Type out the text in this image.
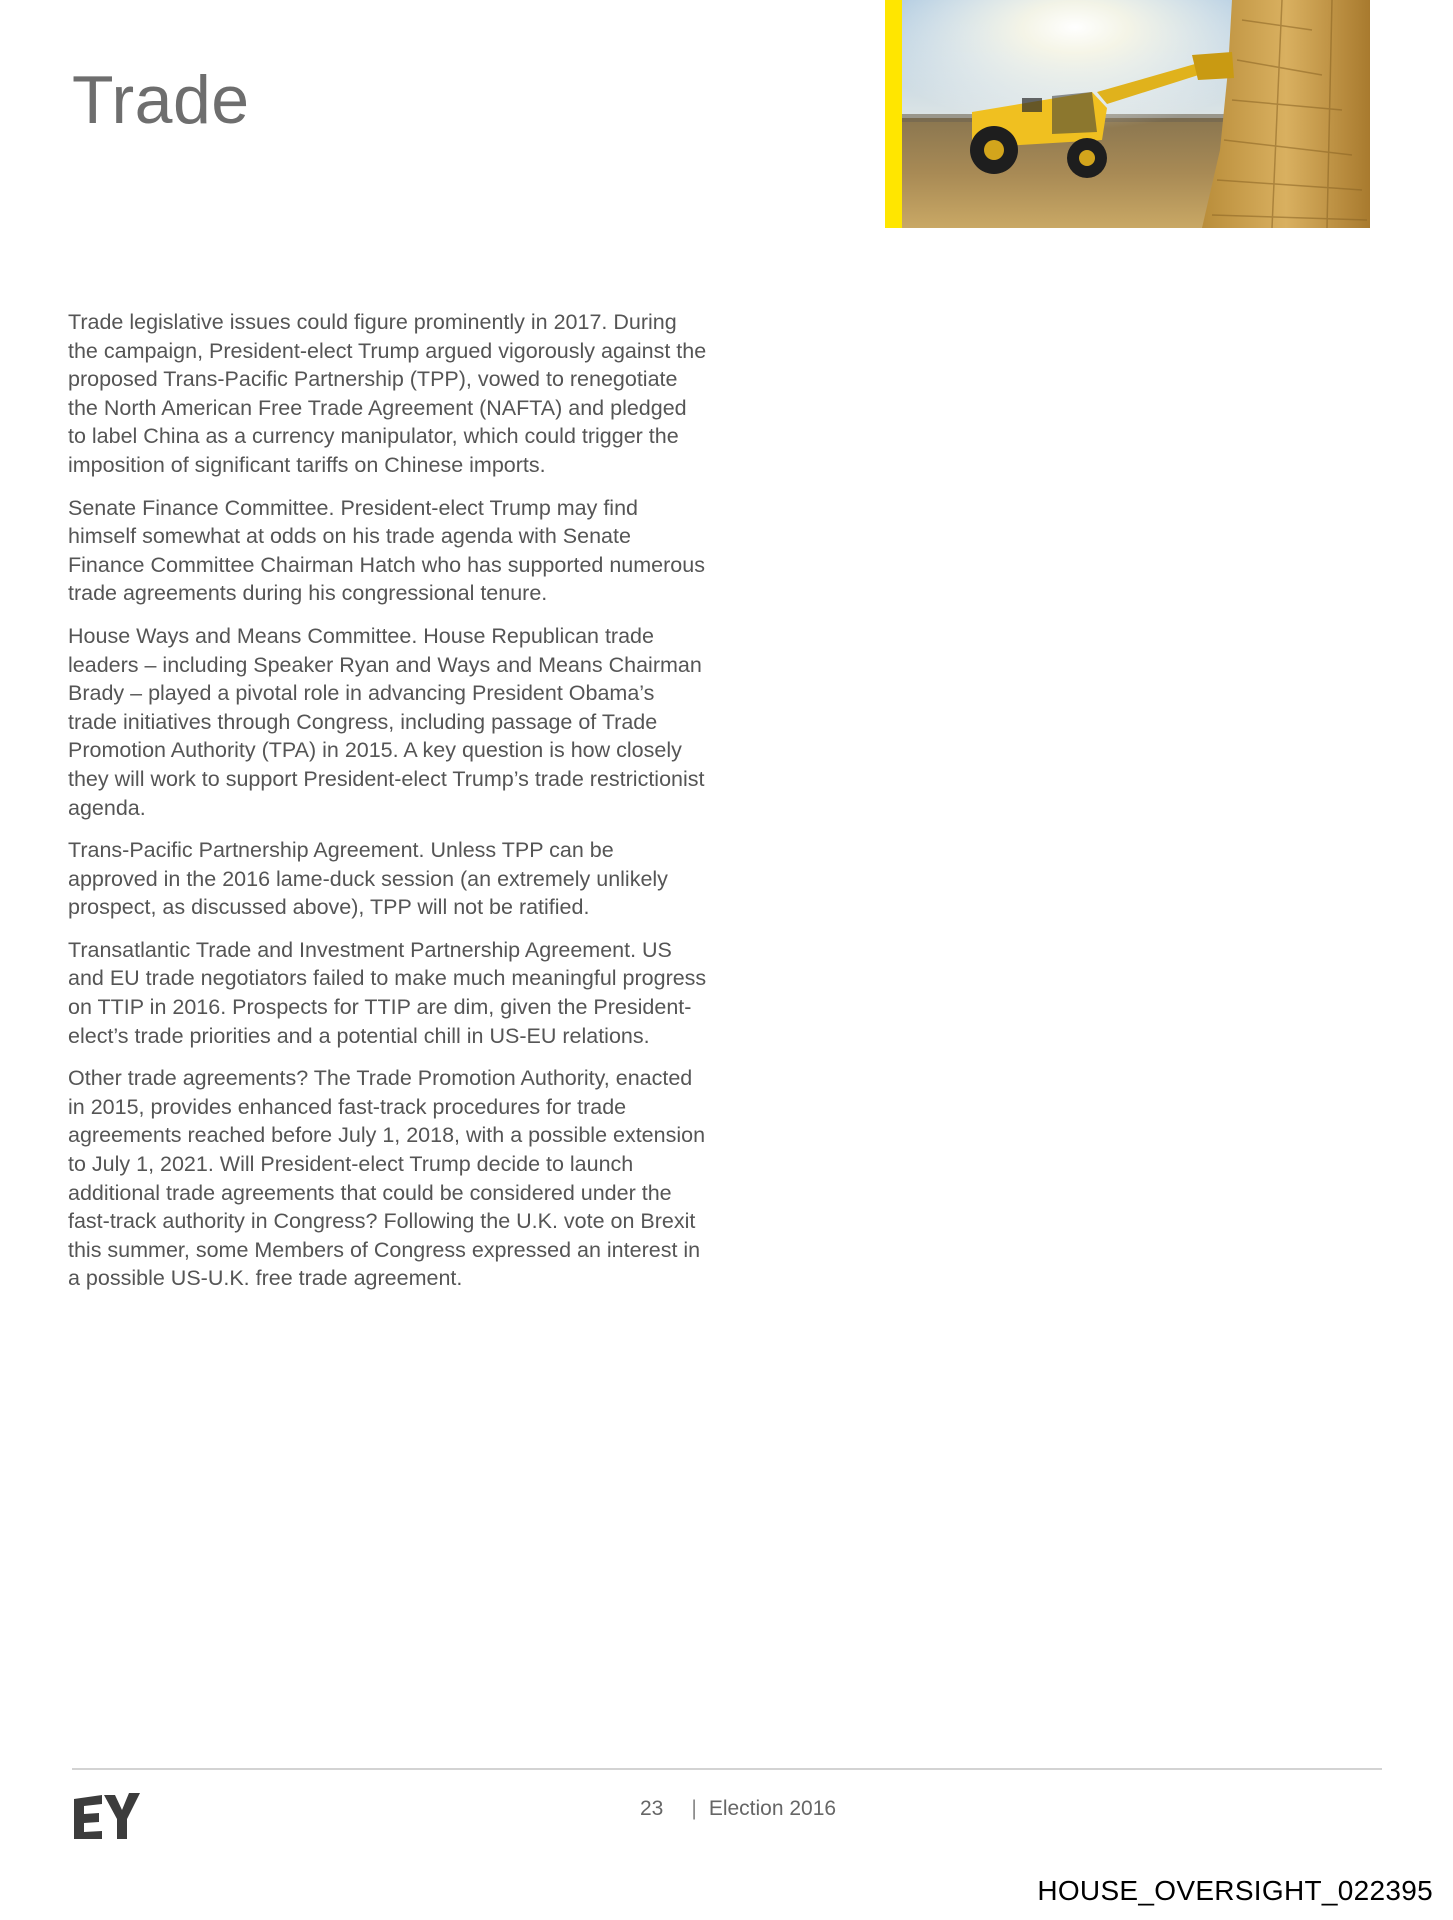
Trade

Trade legislative issues could figure prominently in 2017. During the campaign, President-elect Trump argued vigorously against the proposed Trans-Pacific Partnership (TPP), vowed to renegotiate the North American Free Trade Agreement (NAFTA) and pledged to label China as a currency manipulator, which could trigger the imposition of significant tariffs on Chinese imports.

Senate Finance Committee. President-elect Trump may find himself somewhat at odds on his trade agenda with Senate Finance Committee Chairman Hatch who has supported numerous trade agreements during his congressional tenure.

House Ways and Means Committee. House Republican trade leaders – including Speaker Ryan and Ways and Means Chairman Brady – played a pivotal role in advancing President Obama’s trade initiatives through Congress, including passage of Trade Promotion Authority (TPA) in 2015. A key question is how closely they will work to support President-elect Trump’s trade restrictionist agenda.

Trans-Pacific Partnership Agreement. Unless TPP can be approved in the 2016 lame-duck session (an extremely unlikely prospect, as discussed above), TPP will not be ratified.

Transatlantic Trade and Investment Partnership Agreement. US and EU trade negotiators failed to make much meaningful progress on TTIP in 2016. Prospects for TTIP are dim, given the President-elect’s trade priorities and a potential chill in US-EU relations.

Other trade agreements? The Trade Promotion Authority, enacted in 2015, provides enhanced fast-track procedures for trade agreements reached before July 1, 2018, with a possible extension to July 1, 2021. Will President-elect Trump decide to launch additional trade agreements that could be considered under the fast-track authority in Congress? Following the U.K. vote on Brexit this summer, some Members of Congress expressed an interest in a possible US-U.K. free trade agreement.

23 | Election 2016
HOUSE_OVERSIGHT_022395
